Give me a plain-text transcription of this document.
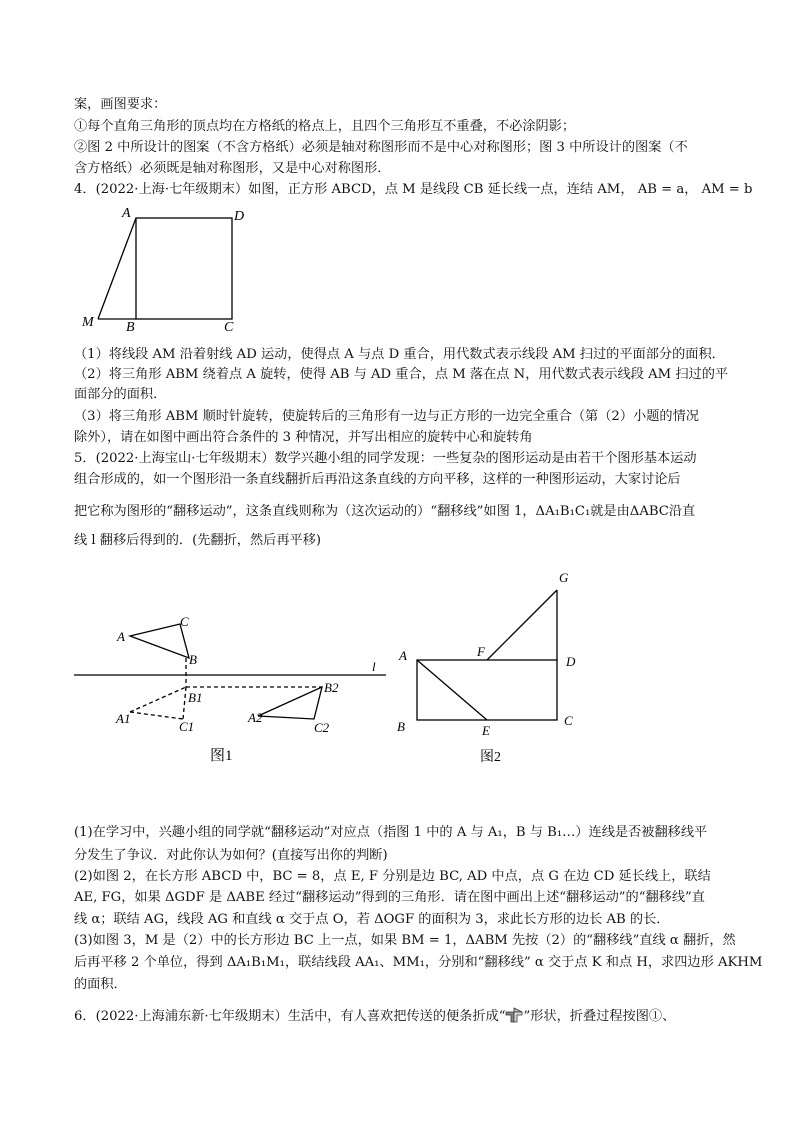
案，画图要求：
①每个直角三角形的顶点均在方格纸的格点上，且四个三角形互不重叠，不必涂阴影；
②图 2 中所设计的图案（不含方格纸）必须是轴对称图形而不是中心对称图形；图 3 中所设计的图案（不
含方格纸）必须既是轴对称图形，又是中心对称图形．
4．(2022·上海·七年级期末）如图，正方形 ABCD，点 M 是线段 CB 延长线一点，连结 AM， AB = a， AM = b
A	D
M B	C
（1）将线段 AM 沿着射线 AD 运动，使得点 A 与点 D 重合，用代数式表示线段 AM 扫过的平面部分的面积．
（2）将三角形 ABM 绕着点 A 旋转，使得 AB 与 AD 重合，点 M 落在点 N，用代数式表示线段 AM 扫过的平
面部分的面积．
（3）将三角形 ABM 顺时针旋转，使旋转后的三角形有一边与正方形的一边完全重合（第（2）小题的情况
除外），请在如图中画出符合条件的 3 种情况，并写出相应的旋转中心和旋转角
5．(2022·上海宝山·七年级期末）数学兴趣小组的同学发现：一些复杂的图形运动是由若干个图形基本运动
组合形成的，如一个图形沿一条直线翻折后再沿这条直线的方向平移，这样的一种图形运动，大家讨论后
把它称为图形的“翻移运动”，这条直线则称为（这次运动的）“翻移线”如图 1，ΔA₁B₁C₁就是由ΔABC沿直
线 l 翻移后得到的．(先翻折，然后再平移)
A
C
B	l
B1
A1
C1
B2
A2
C2
图1
G
F
A	D
B	E
C
图2
(1)在学习中，兴趣小组的同学就“翻移运动”对应点（指图 1 中的 A 与 A₁，B 与 B₁…）连线是否被翻移线平
分发生了争议．对此你认为如何？(直接写出你的判断)
(2)如图 2，在长方形 ABCD 中，BC = 8，点 E, F 分别是边 BC, AD 中点，点 G 在边 CD 延长线上，联结
AE, FG，如果 ΔGDF 是 ΔABE 经过“翻移运动”得到的三角形．请在图中画出上述“翻移运动”的“翻移线”直
线 α；联结 AG，线段 AG 和直线 α 交于点 O，若 ΔOGF 的面积为 3，求此长方形的边长 AB 的长．
(3)如图 3，M 是（2）中的长方形边 BC 上一点，如果 BM = 1，ΔABM 先按（2）的“翻移线”直线 α 翻折，然
后再平移 2 个单位，得到 ΔA₁B₁M₁，联结线段 AA₁、MM₁，分别和“翻移线” α 交于点 K 和点 H，求四边形 AKHM
的面积．
6．(2022·上海浦东新·七年级期末）生活中，有人喜欢把传送的便条折成“ ”形状，折叠过程按图①、
